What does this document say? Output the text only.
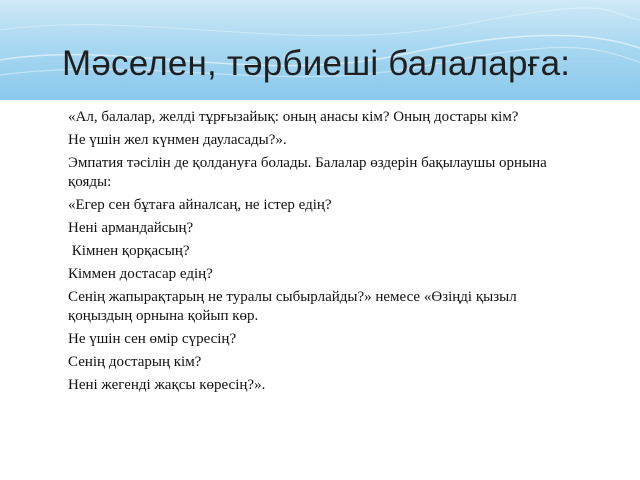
Мәселен, тәрбиеші балаларға:

«Ал, балалар, желді тұрғызайық: оның анасы кім? Оның достары кім?

Не үшін жел күнмен дауласады?».

Эмпатия тәсілін де қолдануға болады. Балалар өздерін бақылаушы орнына қояды:

«Егер сен бұтаға айналсаң, не істер едің?

Нені армандайсың?

Кімнен қорқасың?

Кіммен достасар едің?

Сенің жапырақтарың не туралы сыбырлайды?» немесе «Өзіңді қызыл қоңыздың орнына қойып көр.

Не үшін сен өмір сүресің?

Сенің достарың кім?

Нені жегенді жақсы көресің?».
